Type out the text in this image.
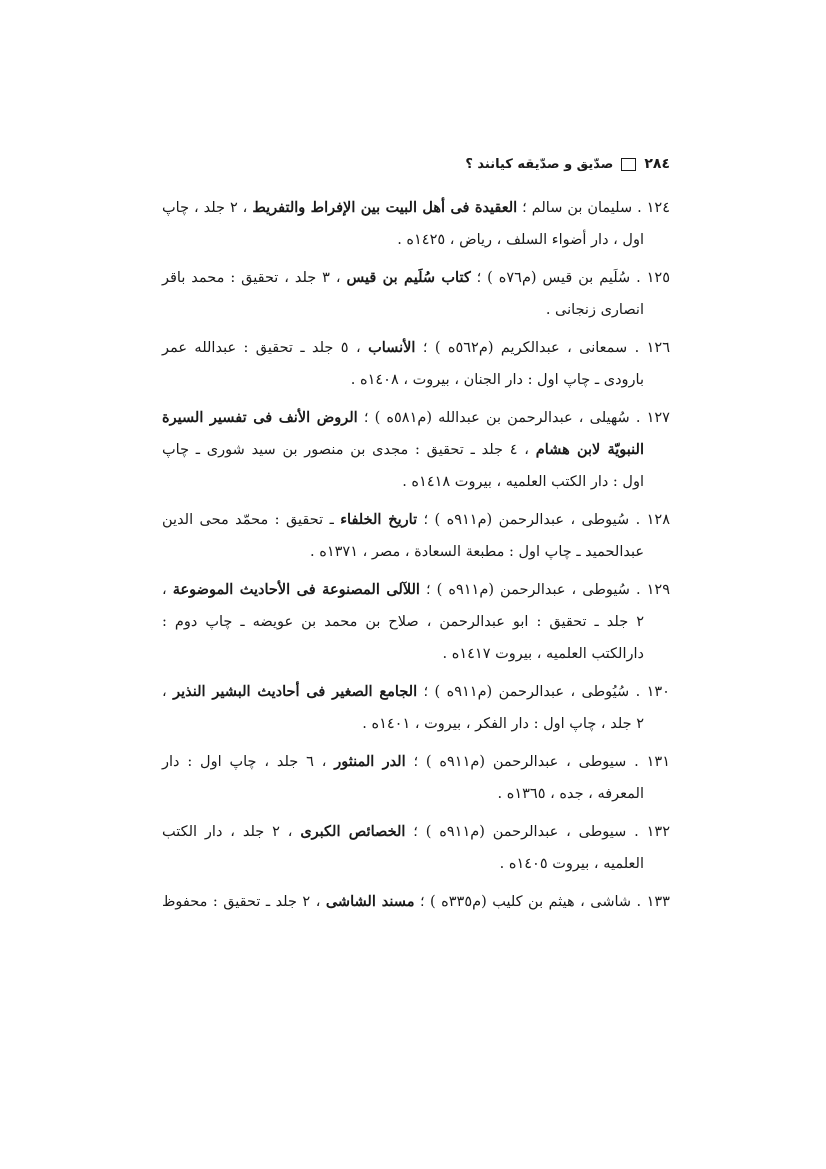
٢٨٤
صدّیق و صدّیقه کیانند ؟
١٢٤ . سليمان بن سالم ؛ العقيدة فى أهل البيت بين الإفراط والتفريط ، ٢ جلد ، چاپ
اول ، دار أضواء السلف ، رياض ، ١٤٢٥ه .
١٢٥ . سُلَيم بن قيس (م٧٦ه ) ؛ كتاب سُلَيم بن قيس ، ٣ جلد ، تحقيق : محمد باقر
انصارى زنجانى .
١٢٦ . سمعانى ، عبدالكريم (م٥٦٢ه ) ؛ الأنساب ، ٥ جلد ـ تحقيق : عبدالله عمر
بارودى ـ چاپ اول : دار الجنان ، بيروت ، ١٤٠٨ه .
١٢٧ . سُهيلى ، عبدالرحمن بن عبدالله (م٥٨١ه ) ؛ الروض الأنف فى تفسير السيرة
النبويّة لابن هشام ، ٤ جلد ـ تحقيق : مجدى بن منصور بن سيد شورى ـ چاپ
اول : دار الكتب العلميه ، بيروت ١٤١٨ه .
١٢٨ . سُيوطى ، عبدالرحمن (م٩١١ه ) ؛ تاريخ الخلفاء ـ تحقيق : محمّد محى الدين
عبدالحميد ـ چاپ اول : مطبعة السعادة ، مصر ، ١٣٧١ه .
١٢٩ . سُيوطى ، عبدالرحمن (م٩١١ه ) ؛ اللآلى المصنوعة فى الأحاديث الموضوعة ،
٢ جلد ـ تحقيق : ابو عبدالرحمن ، صلاح بن محمد بن عويضه ـ چاپ دوم :
دارالكتب العلميه ، بيروت ١٤١٧ه .
١٣٠ . سُيُوطى ، عبدالرحمن (م٩١١ه ) ؛ الجامع الصغير فى أحاديث البشير النذير ،
٢ جلد ، چاپ اول : دار الفكر ، بيروت ، ١٤٠١ه .
١٣١ . سيوطى ، عبدالرحمن (م٩١١ه ) ؛ الدر المنثور ، ٦ جلد ، چاپ اول : دار
المعرفه ، جده ، ١٣٦٥ه .
١٣٢ . سيوطى ، عبدالرحمن (م٩١١ه ) ؛ الخصائص الكبرى ، ٢ جلد ، دار الكتب
العلميه ، بيروت ١٤٠٥ه .
١٣٣ . شاشى ، هيثم بن كليب (م٣٣٥ه ) ؛ مسند الشاشى ، ٢ جلد ـ تحقيق : محفوظ
